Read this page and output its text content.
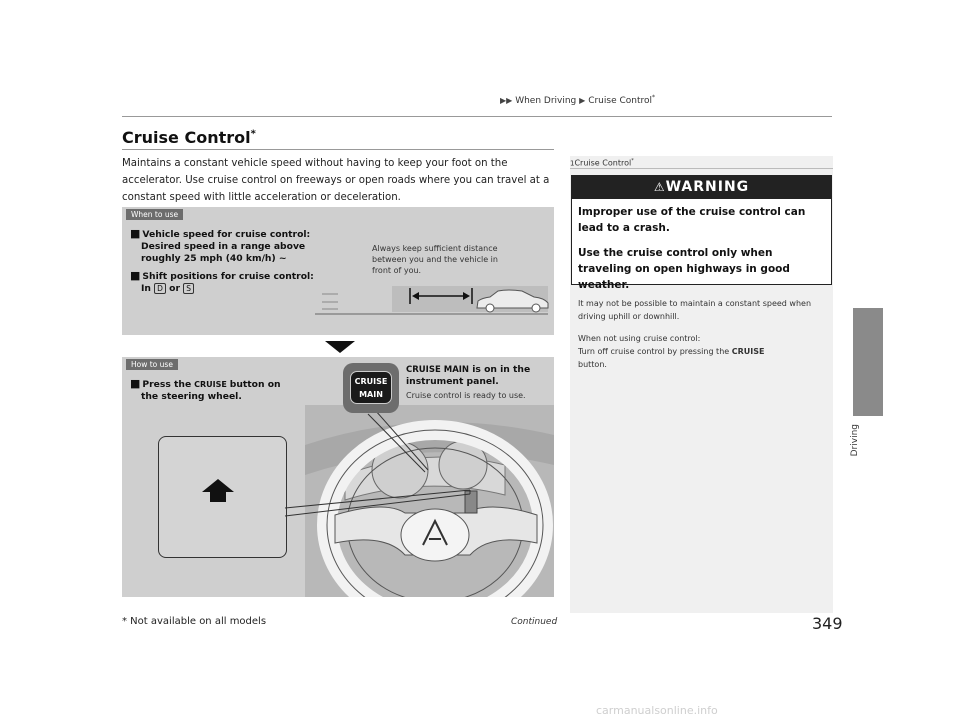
▶▶ When Driving ▶ Cruise Control*
Driving
Cruise Control*
Maintains a constant vehicle speed without having to keep your foot on the accelerator. Use cruise control on freeways or open roads where you can travel at a constant speed with little acceleration or deceleration.
When to use
■ Vehicle speed for cruise control:
Desired speed in a range above
roughly 25 mph (40 km/h) ~
■ Shift positions for cruise control:
In D or S
Always keep sufficient distance between you and the vehicle in front of you.
How to use
CRUISE
MAIN
■ Press the CRUISE button on
the steering wheel.
CRUISE MAIN is on in the
instrument panel.
Cruise control is ready to use.
1Cruise Control*
⚠WARNING

Improper use of the cruise control can lead to a crash.

Use the cruise control only when traveling on open highways in good weather.

It may not be possible to maintain a constant speed when driving uphill or downhill.

When not using cruise control:
Turn off cruise control by pressing the CRUISE
button.

* Not available on all models	Continued	349
carmanualsonline.info
